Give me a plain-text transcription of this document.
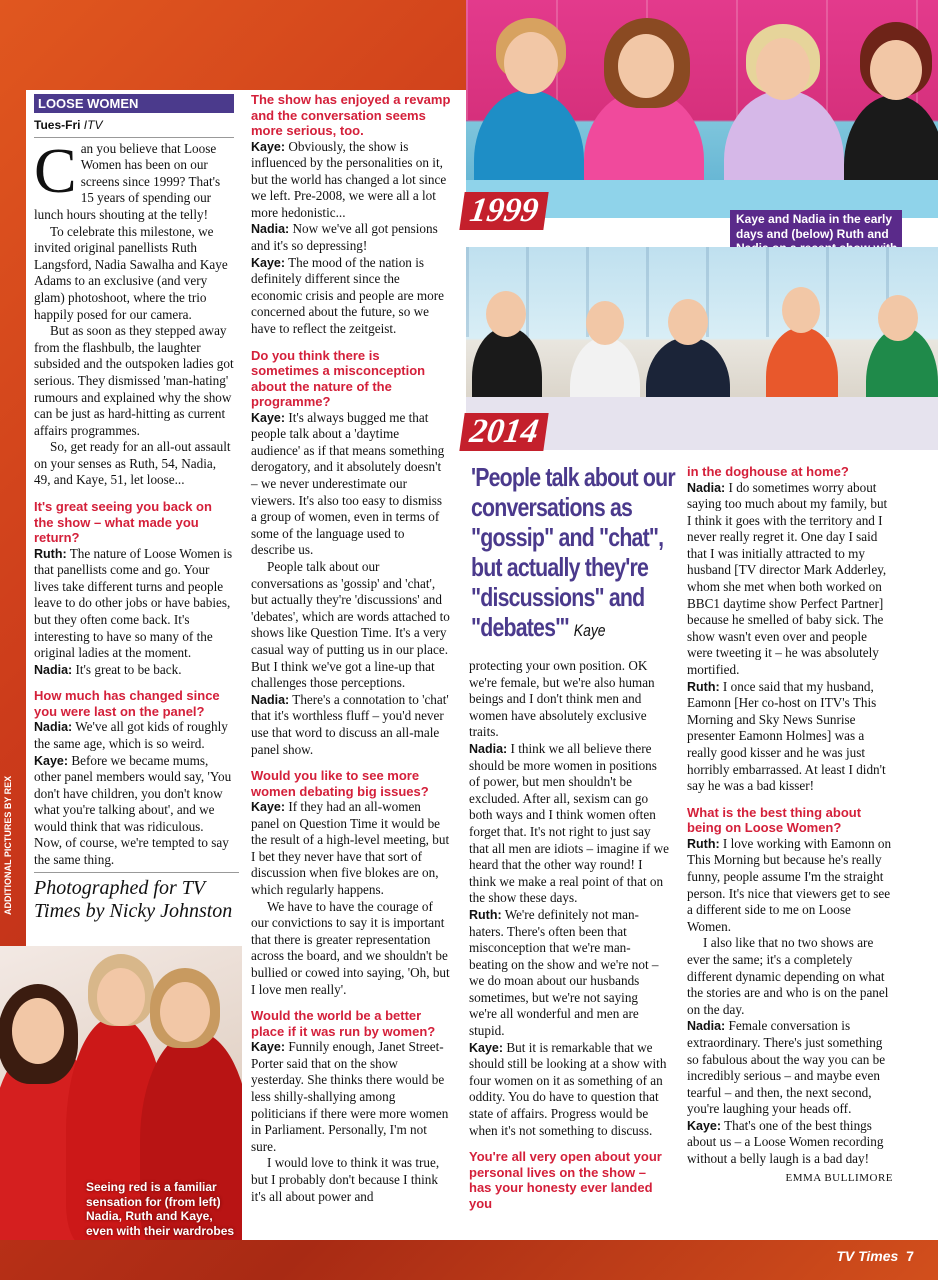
LOOSE WOMEN
Tues-Fri ITV
C an you believe that Loose Women has been on our screens since 1999? That's 15 years of spending our lunch hours shouting at the telly!

To celebrate this milestone, we invited original panellists Ruth Langsford, Nadia Sawalha and Kaye Adams to an exclusive (and very glam) photoshoot, where the trio happily posed for our camera.

But as soon as they stepped away from the flashbulb, the laughter subsided and the outspoken ladies got serious. They dismissed 'man-hating' rumours and explained why the show can be just as hard-hitting as current affairs programmes.

So, get ready for an all-out assault on your senses as Ruth, 54, Nadia, 49, and Kaye, 51, let loose...

It's great seeing you back on the show – what made you return?

Ruth: The nature of Loose Women is that panellists come and go. Your lives take different turns and people leave to do other jobs or have babies, but they often come back. It's interesting to have so many of the original ladies at the moment.

Nadia: It's great to be back.

How much has changed since you were last on the panel?

Nadia: We've all got kids of roughly the same age, which is so weird.

Kaye: Before we became mums, other panel members would say, 'You don't have children, you don't know what you're talking about', and we would think that was ridiculous. Now, of course, we're tempted to say the same thing.

Photographed for TV Times by Nicky Johnston
ADDITIONAL PICTURES BY REX
Seeing red is a familiar sensation for (from left) Nadia, Ruth and Kaye, even with their wardrobes
The show has enjoyed a revamp and the conversation seems more serious, too.

Kaye: Obviously, the show is influenced by the personalities on it, but the world has changed a lot since we left. Pre-2008, we were all a lot more hedonistic...

Nadia: Now we've all got pensions and it's so depressing!

Kaye: The mood of the nation is definitely different since the economic crisis and people are more concerned about the future, so we have to reflect the zeitgeist.

Do you think there is sometimes a misconception about the nature of the programme?

Kaye: It's always bugged me that people talk about a 'daytime audience' as if that means something derogatory, and it absolutely doesn't – we never underestimate our viewers. It's also too easy to dismiss a group of women, even in terms of some of the language used to describe us.

People talk about our conversations as 'gossip' and 'chat', but actually they're 'discussions' and 'debates', which are words attached to shows like Question Time. It's a very casual way of putting us in our place. But I think we've got a line-up that challenges those perceptions.

Nadia: There's a connotation to 'chat' that it's worthless fluff – you'd never use that word to discuss an all-male panel show.

Would you like to see more women debating big issues?

Kaye: If they had an all-women panel on Question Time it would be the result of a high-level meeting, but I bet they never have that sort of discussion when five blokes are on, which regularly happens.

We have to have the courage of our convictions to say it is important that there is greater representation across the board, and we shouldn't be bullied or cowed into saying, 'Oh, but I love men really'.

Would the world be a better place if it was run by women?

Kaye: Funnily enough, Janet Street-Porter said that on the show yesterday. She thinks there would be less shilly-shallying among politicians if there were more women in Parliament. Personally, I'm not sure.

I would love to think it was true, but I probably don't because I think it's all about power and

1999	Kaye and Nadia in the early days and (below) Ruth and
2014
'People talk about our conversations as "gossip" and "chat", but actually they're "discussions" and "debates"' Kaye

protecting your own position. OK we're female, but we're also human beings and I don't think men and women have absolutely exclusive traits.

Nadia: I think we all believe there should be more women in positions of power, but men shouldn't be excluded. After all, sexism can go both ways and I think women often forget that. It's not right to just say that all men are idiots – imagine if we heard that the other way round! I think we make a real point of that on the show these days.

Ruth: We're definitely not man-haters. There's often been that misconception that we're man-beating on the show and we're not – we do moan about our husbands sometimes, but we're not saying we're all wonderful and men are stupid.

Kaye: But it is remarkable that we should still be looking at a show with four women on it as something of an oddity. You do have to question that state of affairs. Progress would be when it's not something to discuss.

You're all very open about your personal lives on the show – has your honesty ever landed you
in the doghouse at home?

Nadia: I do sometimes worry about saying too much about my family, but I think it goes with the territory and I never really regret it. One day I said that I was initially attracted to my husband [TV director Mark Adderley, whom she met when both worked on BBC1 daytime show Perfect Partner] because he smelled of baby sick. The show wasn't even over and people were tweeting it – he was absolutely mortified.

Ruth: I once said that my husband, Eamonn [Her co-host on ITV's This Morning and Sky News Sunrise presenter Eamonn Holmes] was a really good kisser and he was just horribly embarrassed. At least I didn't say he was a bad kisser!

What is the best thing about being on Loose Women?

Ruth: I love working with Eamonn on This Morning but because he's really funny, people assume I'm the straight person. It's nice that viewers get to see a different side to me on Loose Women.

I also like that no two shows are ever the same; it's a completely different dynamic depending on what the stories are and who is on the panel on the day.

Nadia: Female conversation is extraordinary. There's just something so fabulous about the way you can be incredibly serious – and maybe even tearful – and then, the next second, you're laughing your heads off.

Kaye: That's one of the best things about us – a Loose Women recording without a belly laugh is a bad day!

EMMA BULLIMORE
TV Times 7
